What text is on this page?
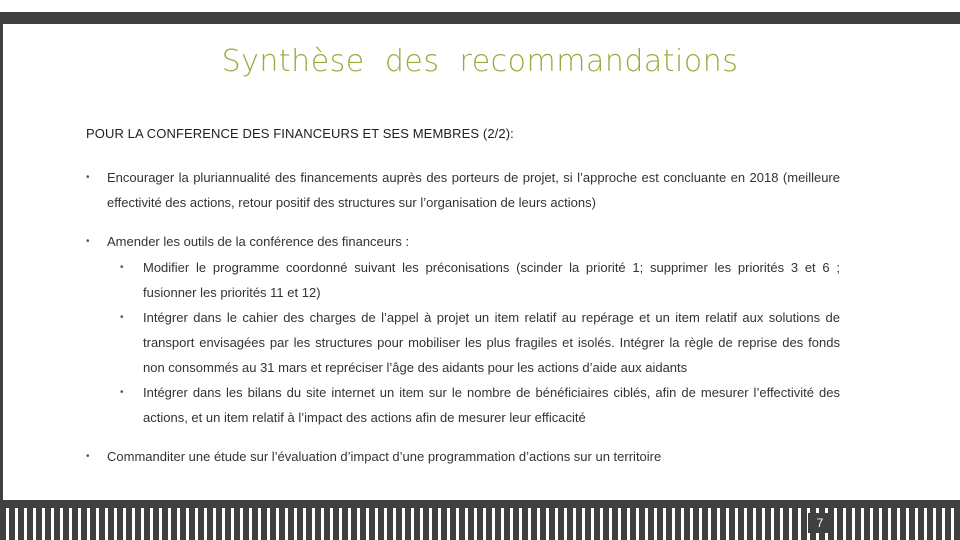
Synthèse  des  recommandations
POUR LA CONFERENCE DES FINANCEURS ET SES MEMBRES (2/2):
• Encourager la pluriannualité des financements auprès des porteurs de projet, si l’approche est concluante en 2018 (meilleure effectivité des actions, retour positif des structures sur l’organisation de leurs actions)
• Amender les outils de la conférence des financeurs :
• Modifier le programme coordonné suivant les préconisations (scinder la priorité 1; supprimer les priorités 3 et 6 ; fusionner les priorités 11 et 12)
• Intégrer dans le cahier des charges de l’appel à projet un item relatif au repérage et un item relatif aux solutions de transport envisagées par les structures pour mobiliser les plus fragiles et isolés. Intégrer la règle de reprise des fonds non consommés au 31 mars et repréciser l’âge des aidants pour les actions d’aide aux aidants
• Intégrer dans les bilans du site internet un item sur le nombre de bénéficiaires ciblés, afin de mesurer l’effectivité des actions, et un item relatif à l’impact des actions afin de mesurer leur efficacité
• Commanditer une étude sur l’évaluation d’impact d’une programmation d’actions sur un territoire
7
